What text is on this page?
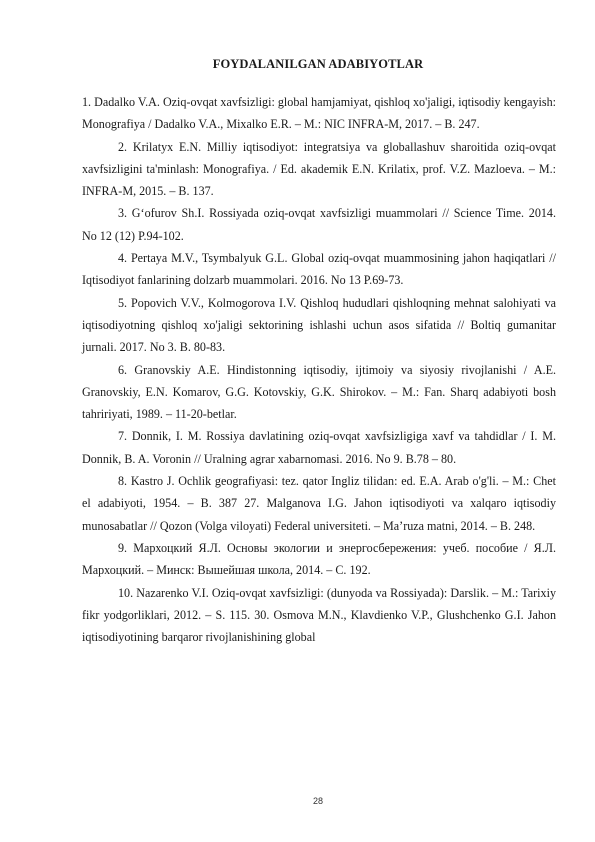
FOYDALANILGAN ADABIYOTLAR

1. Dadalko V.A. Oziq-ovqat xavfsizligi: global hamjamiyat, qishloq xo'jaligi, iqtisodiy kengayish: Monografiya / Dadalko V.A., Mixalko E.R. – M.: NIC INFRA-M, 2017. – B. 247.

2. Krilatyx E.N. Milliy iqtisodiyot: integratsiya va globallashuv sharoitida oziq-ovqat xavfsizligini ta'minlash: Monografiya. / Ed. akademik E.N. Krilatix, prof. V.Z. Mazloeva. – M.: INFRA-M, 2015. – B. 137.

3. G‘ofurov Sh.I. Rossiyada oziq-ovqat xavfsizligi muammolari // Science Time. 2014. No 12 (12) P.94-102.

4. Pertaya M.V., Tsymbalyuk G.L. Global oziq-ovqat muammosining jahon haqiqatlari // Iqtisodiyot fanlarining dolzarb muammolari. 2016. No 13 P.69-73.

5. Popovich V.V., Kolmogorova I.V. Qishloq hududlari qishloqning mehnat salohiyati va iqtisodiyotning qishloq xo'jaligi sektorining ishlashi uchun asos sifatida // Boltiq gumanitar jurnali. 2017. No 3. B. 80-83.

6. Granovskiy A.E. Hindistonning iqtisodiy, ijtimoiy va siyosiy rivojlanishi / A.E. Granovskiy, E.N. Komarov, G.G. Kotovskiy, G.K. Shirokov. – M.: Fan. Sharq adabiyoti bosh tahririyati, 1989. – 11-20-betlar.

7. Donnik, I. M. Rossiya davlatining oziq-ovqat xavfsizligiga xavf va tahdidlar / I. M. Donnik, B. A. Voronin // Uralning agrar xabarnomasi. 2016. No 9. B.78 – 80.

8. Kastro J. Ochlik geografiyasi: tez. qator Ingliz tilidan: ed. E.A. Arab o'g'li. – M.: Chet el adabiyoti, 1954. – B. 387 27. Malganova I.G. Jahon iqtisodiyoti va xalqaro iqtisodiy munosabatlar // Qozon (Volga viloyati) Federal universiteti. – Ma’ruza matni, 2014. – B. 248.

9. Мархоцкий Я.Л. Основы экологии и энергосбережения: учеб. пособие / Я.Л. Мархоцкий. – Минск: Вышейшая школа, 2014. – С. 192.

10. Nazarenko V.I. Oziq-ovqat xavfsizligi: (dunyoda va Rossiyada): Darslik. – M.: Tarixiy fikr yodgorliklari, 2012. – S. 115. 30. Osmova M.N., Klavdienko V.P., Glushchenko G.I. Jahon iqtisodiyotining barqaror rivojlanishining global

28
